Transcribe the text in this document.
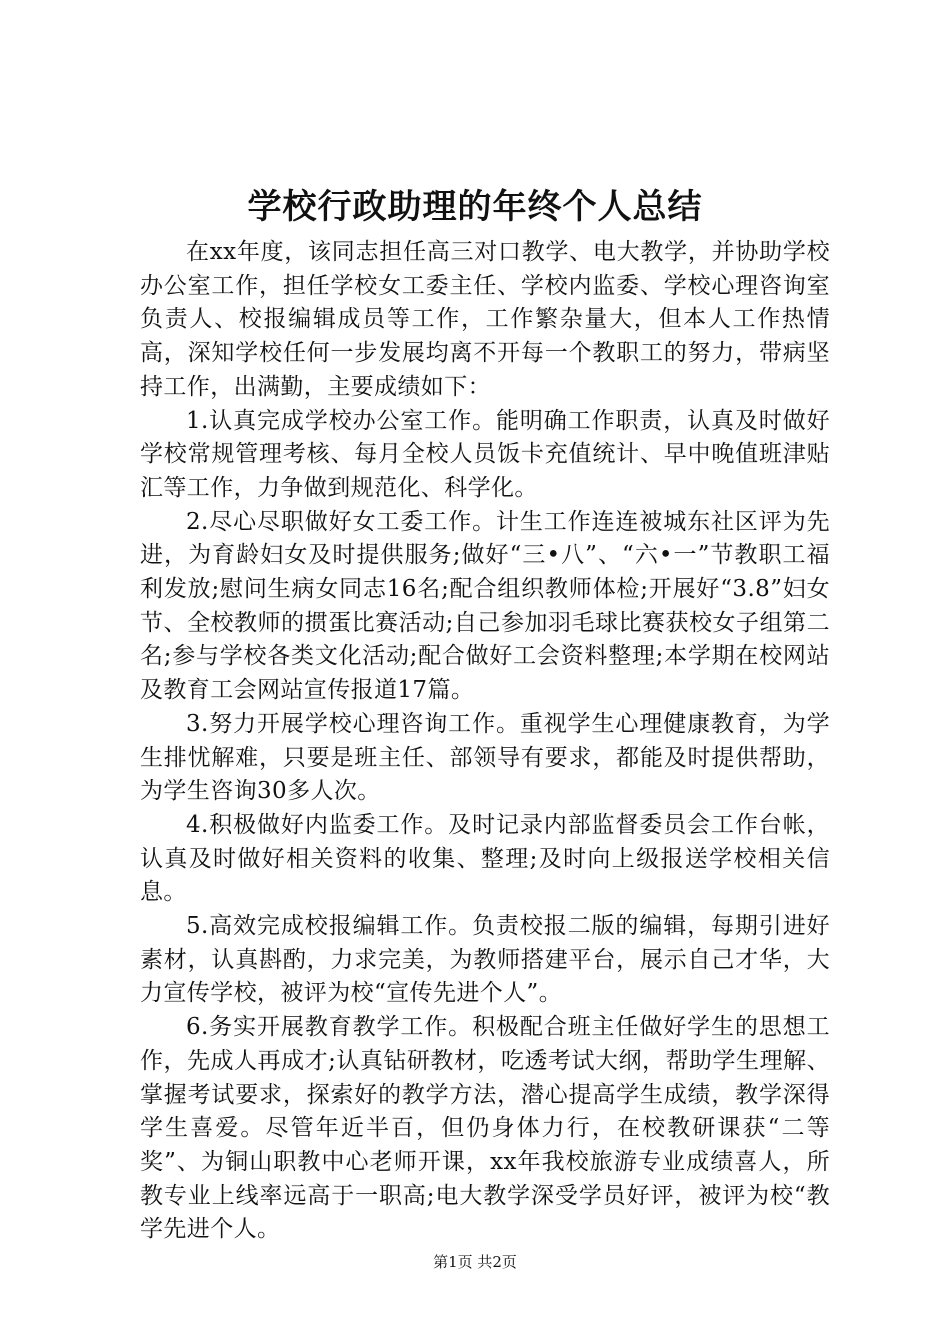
学校行政助理的年终个人总结

在xx年度，该同志担任高三对口教学、电大教学，并协助学校办公室工作，担任学校女工委主任、学校内监委、学校心理咨询室负责人、校报编辑成员等工作，工作繁杂量大，但本人工作热情高，深知学校任何一步发展均离不开每一个教职工的努力，带病坚持工作，出满勤，主要成绩如下：

1.认真完成学校办公室工作。能明确工作职责，认真及时做好学校常规管理考核、每月全校人员饭卡充值统计、早中晚值班津贴汇等工作，力争做到规范化、科学化。

2.尽心尽职做好女工委工作。计生工作连连被城东社区评为先进，为育龄妇女及时提供服务;做好“三•八”、“六•一”节教职工福利发放;慰问生病女同志16名;配合组织教师体检;开展好“3.8”妇女节、全校教师的掼蛋比赛活动;自己参加羽毛球比赛获校女子组第二名;参与学校各类文化活动;配合做好工会资料整理;本学期在校网站及教育工会网站宣传报道17篇。

3.努力开展学校心理咨询工作。重视学生心理健康教育，为学生排忧解难，只要是班主任、部领导有要求，都能及时提供帮助，为学生咨询30多人次。

4.积极做好内监委工作。及时记录内部监督委员会工作台帐，认真及时做好相关资料的收集、整理;及时向上级报送学校相关信息。

5.高效完成校报编辑工作。负责校报二版的编辑，每期引进好素材，认真斟酌，力求完美，为教师搭建平台，展示自己才华，大力宣传学校，被评为校“宣传先进个人”。

6.务实开展教育教学工作。积极配合班主任做好学生的思想工作，先成人再成才;认真钻研教材，吃透考试大纲，帮助学生理解、掌握考试要求，探索好的教学方法，潜心提高学生成绩，教学深得学生喜爱。尽管年近半百，但仍身体力行，在校教研课获“二等奖”、为铜山职教中心老师开课，xx年我校旅游专业成绩喜人，所教专业上线率远高于一职高;电大教学深受学员好评，被评为校“教学先进个人。

第1页 共2页
